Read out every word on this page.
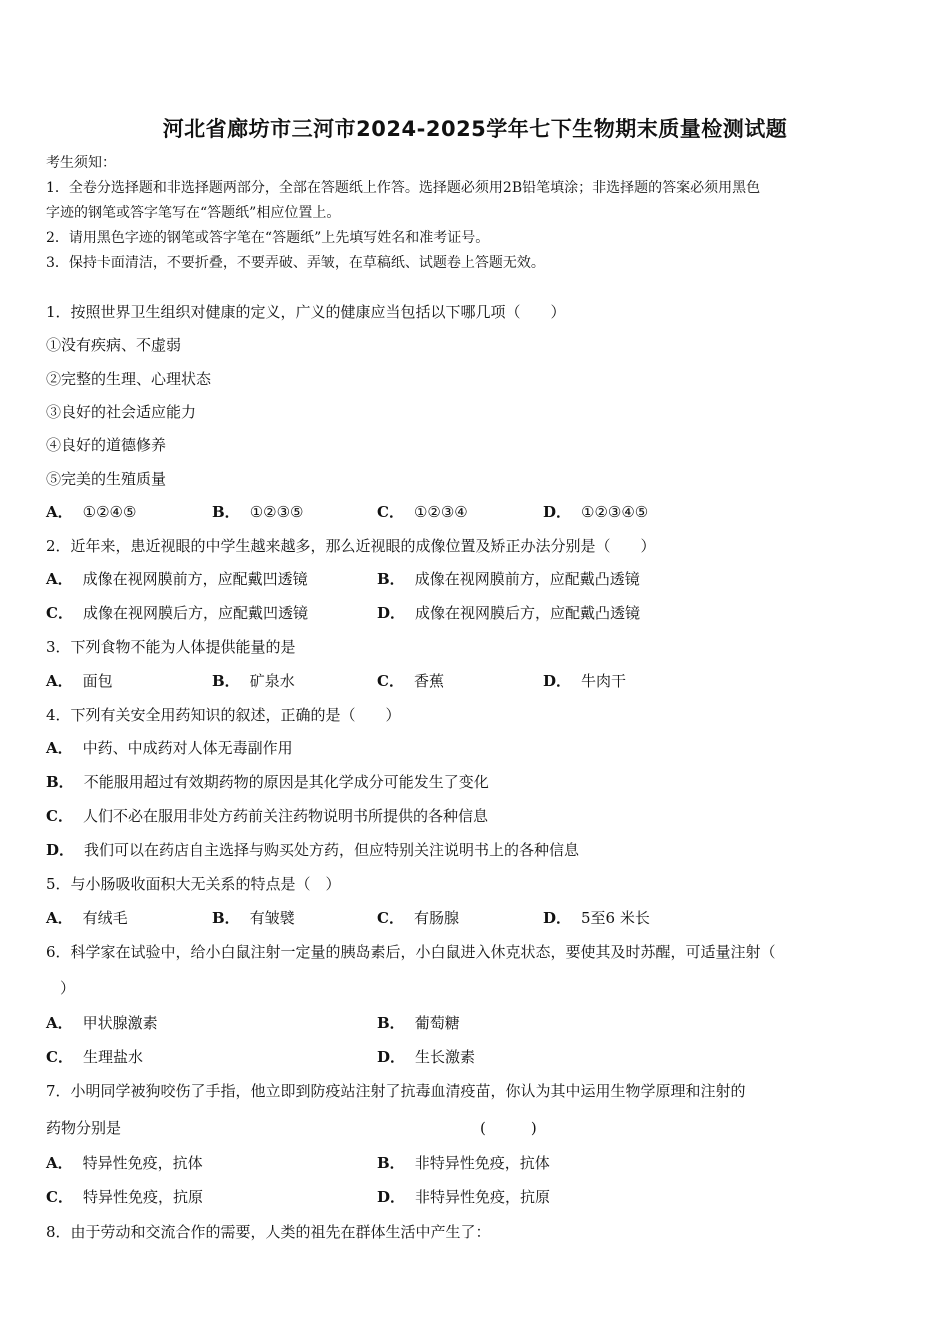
河北省廊坊市三河市2024-2025学年七下生物期末质量检测试题
考生须知：
1．全卷分选择题和非选择题两部分，全部在答题纸上作答。选择题必须用2B铅笔填涂；非选择题的答案必须用黑色
字迹的钢笔或答字笔写在“答题纸”相应位置上。
2．请用黑色字迹的钢笔或答字笔在“答题纸”上先填写姓名和准考证号。
3．保持卡面清洁，不要折叠，不要弄破、弄皱，在草稿纸、试题卷上答题无效。
1．按照世界卫生组织对健康的定义，广义的健康应当包括以下哪几项（　　）
①没有疾病、不虚弱
②完整的生理、心理状态
③良好的社会适应能力
④良好的道德修养
⑤完美的生殖质量
A． ①②④⑤	B． ①②③⑤	C． ①②③④	D． ①②③④⑤
2．近年来，患近视眼的中学生越来越多，那么近视眼的成像位置及矫正办法分别是（　　）
A． 成像在视网膜前方，应配戴凹透镜	B． 成像在视网膜前方，应配戴凸透镜
C． 成像在视网膜后方，应配戴凹透镜	D． 成像在视网膜后方，应配戴凸透镜
3．下列食物不能为人体提供能量的是
A． 面包	B． 矿泉水	C． 香蕉	D． 牛肉干
4．下列有关安全用药知识的叙述，正确的是（　　）
A． 中药、中成药对人体无毒副作用
B． 不能服用超过有效期药物的原因是其化学成分可能发生了变化
C． 人们不必在服用非处方药前关注药物说明书所提供的各种信息
D． 我们可以在药店自主选择与购买处方药，但应特别关注说明书上的各种信息
5．与小肠吸收面积大无关系的特点是（　）
A． 有绒毛	B． 有皱襞	C． 有肠腺	D． 5至6 米长
6．科学家在试验中，给小白鼠注射一定量的胰岛素后，小白鼠进入休克状态，要使其及时苏醒，可适量注射（
）
A． 甲状腺激素	B． 葡萄糖
C． 生理盐水	D． 生长激素
7．小明同学被狗咬伤了手指，他立即到防疫站注射了抗毒血清疫苗，你认为其中运用生物学原理和注射的
药物分别是	(　　　)
A． 特异性免疫，抗体	B． 非特异性免疫，抗体
C． 特异性免疫，抗原	D． 非特异性免疫，抗原
8．由于劳动和交流合作的需要，人类的祖先在群体生活中产生了：
